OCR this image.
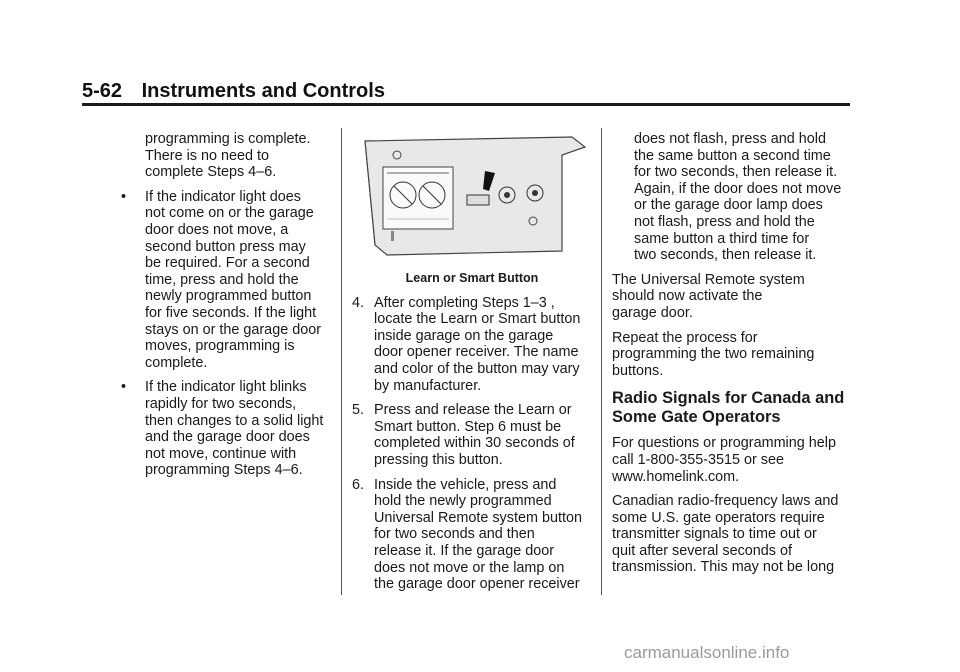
5-62 Instruments and Controls

programming is complete.
There is no need to
complete Steps 4–6.

• If the indicator light does
not come on or the garage
door does not move, a
second button press may
be required. For a second
time, press and hold the
newly programmed button
for five seconds. If the light
stays on or the garage door
moves, programming is
complete.
• If the indicator light blinks
rapidly for two seconds,
then changes to a solid light
and the garage door does
not move, continue with
programming Steps 4–6.

Learn or Smart Button

4. After completing Steps 1–3 ,
locate the Learn or Smart button
inside garage on the garage
door opener receiver. The name
and color of the button may vary
by manufacturer.
5. Press and release the Learn or
Smart button. Step 6 must be
completed within 30 seconds of
pressing this button.
6. Inside the vehicle, press and
hold the newly programmed
Universal Remote system button
for two seconds and then
release it. If the garage door
does not move or the lamp on
the garage door opener receiver

does not flash, press and hold
the same button a second time
for two seconds, then release it.
Again, if the door does not move
or the garage door lamp does
not flash, press and hold the
same button a third time for
two seconds, then release it.

The Universal Remote system
should now activate the
garage door.

Repeat the process for
programming the two remaining
buttons.

Radio Signals for Canada and
Some Gate Operators

For questions or programming help
call 1-800-355-3515 or see
www.homelink.com.

Canadian radio-frequency laws and
some U.S. gate operators require
transmitter signals to time out or
quit after several seconds of
transmission. This may not be long

carmanualsonline.info
